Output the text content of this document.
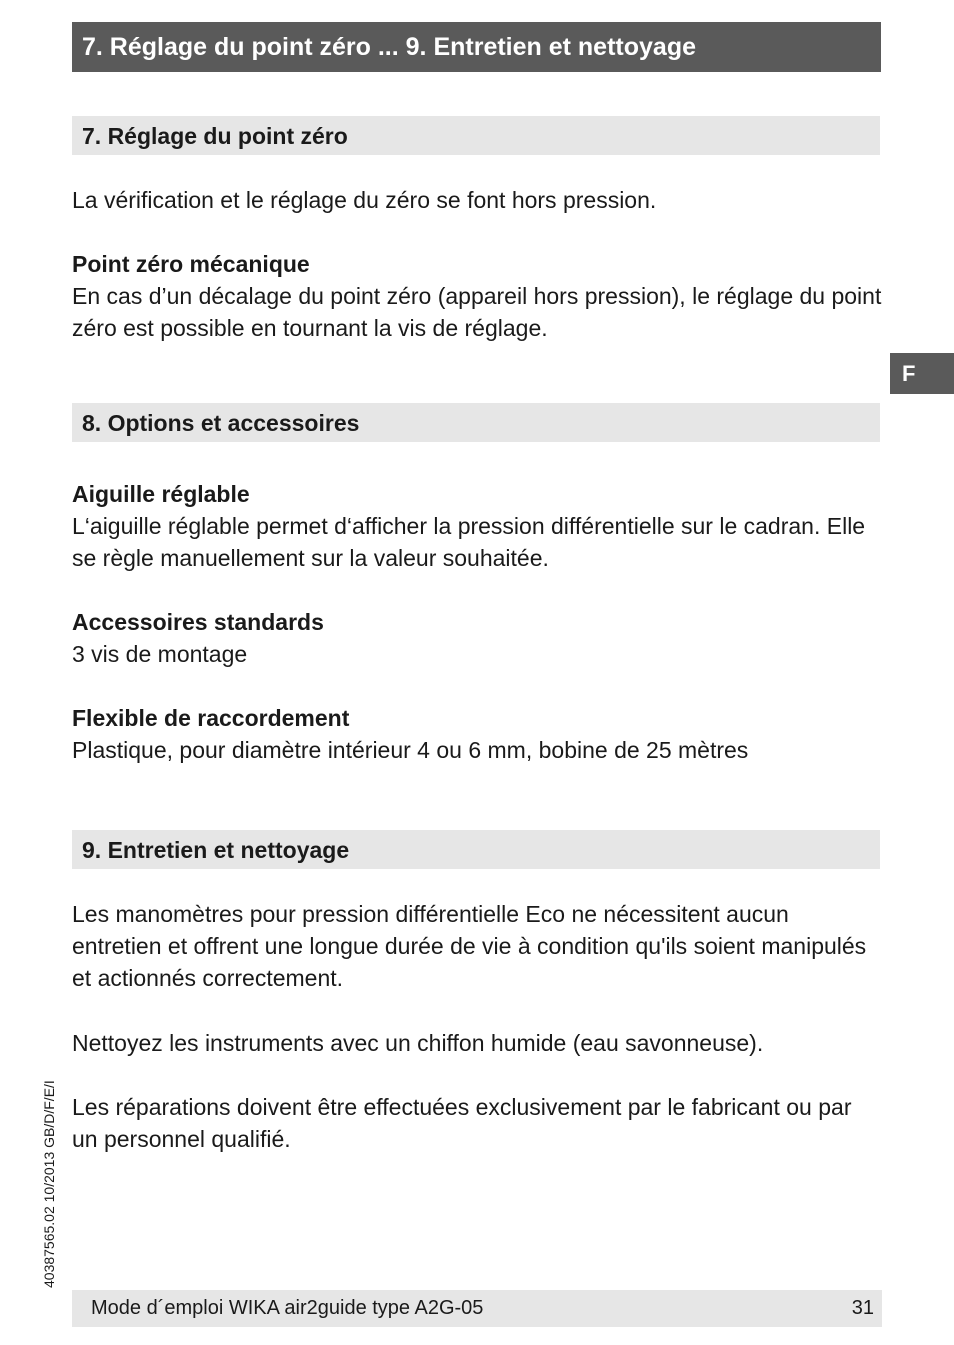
7. Réglage du point zéro ... 9. Entretien et nettoyage
7. Réglage du point zéro

La vérification et le réglage du zéro se font hors pression.

Point zéro mécanique

En cas d’un décalage du point zéro (appareil hors pression), le réglage du point zéro est possible en tournant la vis de réglage.

F
8. Options et accessoires

Aiguille réglable

L‘aiguille réglable permet d‘afficher la pression différentielle sur le cadran. Elle se règle manuellement sur la valeur souhaitée.

Accessoires standards

3 vis de montage

Flexible de raccordement

Plastique, pour diamètre intérieur 4 ou 6 mm, bobine de 25 mètres

9. Entretien et nettoyage

Les manomètres pour pression différentielle Eco ne nécessitent aucun entretien et offrent une longue durée de vie à condition qu'ils soient manipulés et actionnés correctement.

Nettoyez les instruments avec un chiffon humide (eau savonneuse).

Les réparations doivent être effectuées exclusivement par le fabricant ou par un personnel qualifié.

40387565.02 10/2013 GB/D/F/E/I
Mode d´emploi WIKA air2guide type A2G-05	31
